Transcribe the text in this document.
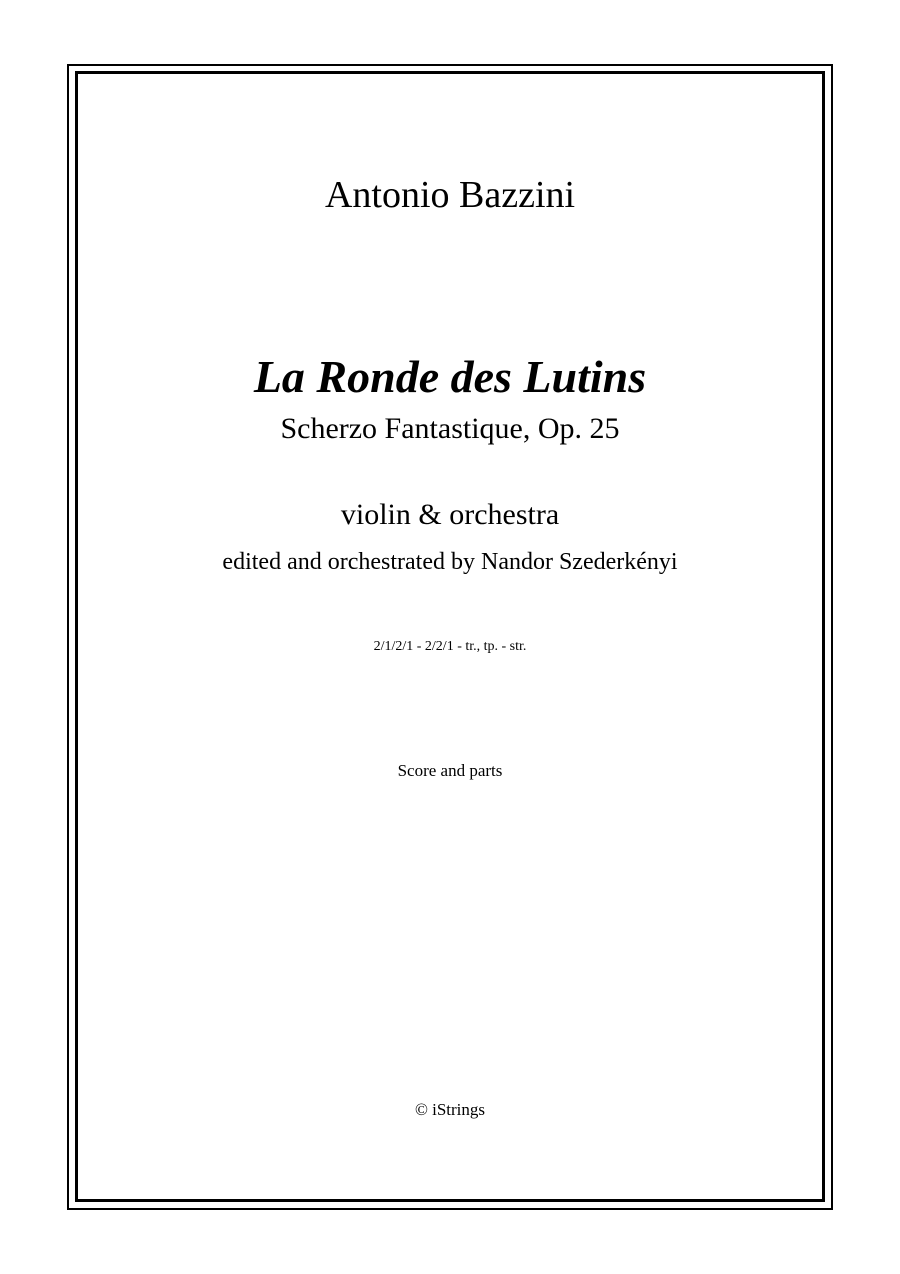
Antonio Bazzini
La Ronde des Lutins
Scherzo Fantastique, Op. 25
violin & orchestra
edited and orchestrated by Nandor Szederkényi
2/1/2/1 - 2/2/1 - tr., tp. - str.
Score and parts
© iStrings
